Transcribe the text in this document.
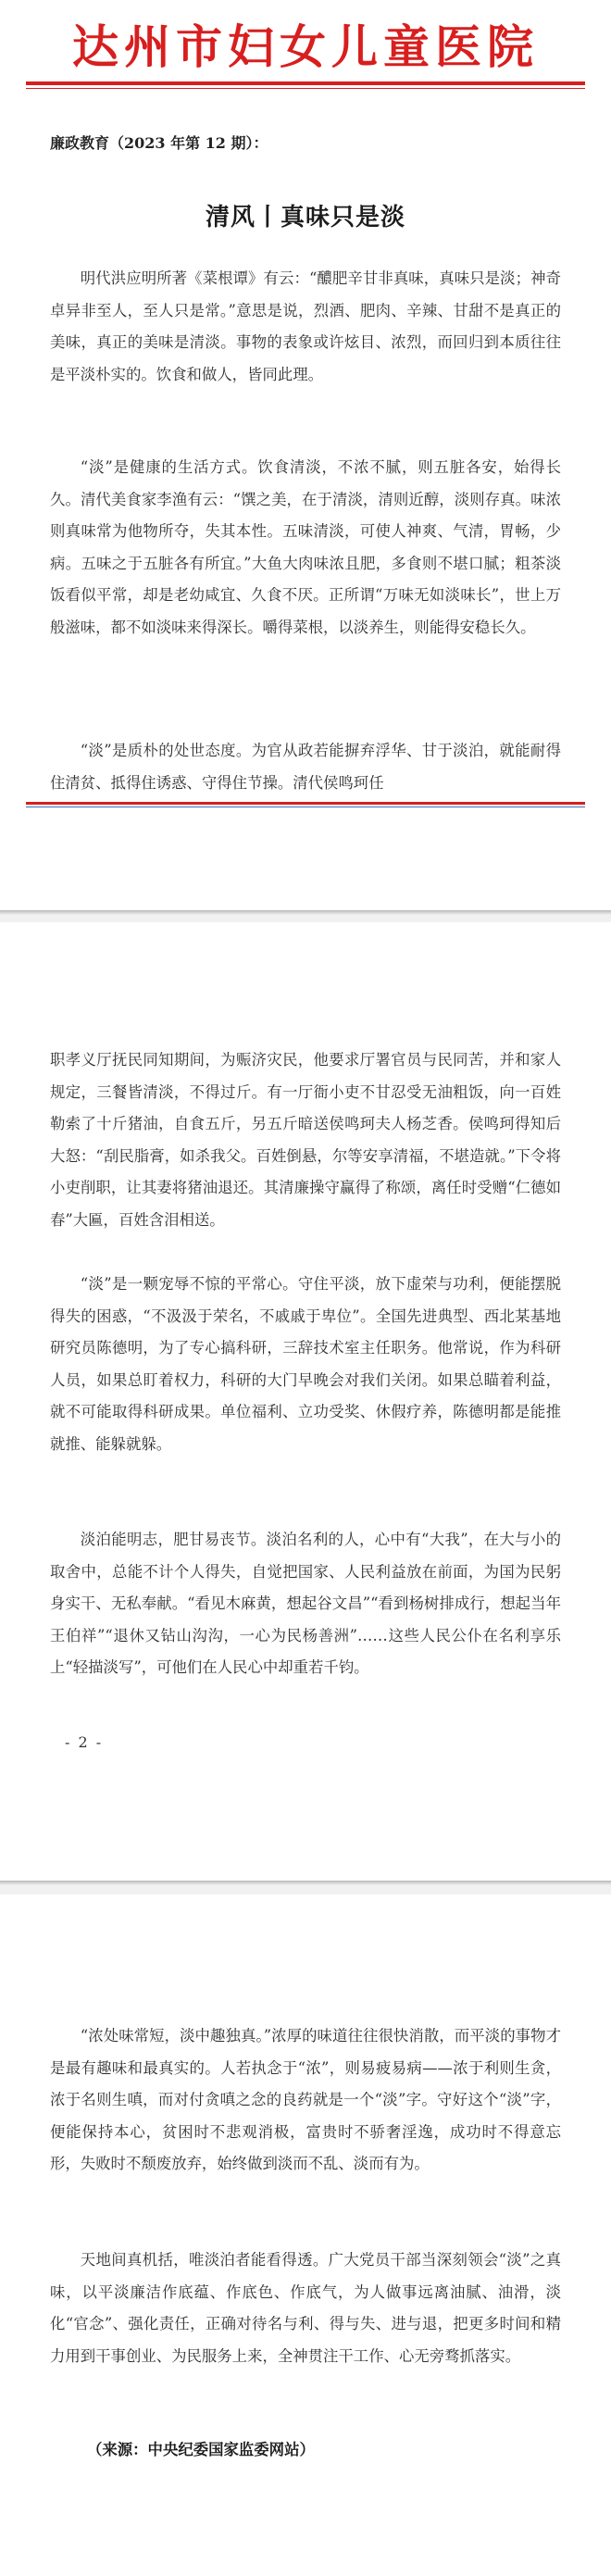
达州市妇女儿童医院
廉政教育（2023 年第 12 期）：
清风丨真味只是淡

明代洪应明所著《菜根谭》有云：“醲肥辛甘非真味，真味只是淡；神奇卓异非至人，至人只是常。”意思是说，烈酒、肥肉、辛辣、甘甜不是真正的美味，真正的美味是清淡。事物的表象或许炫目、浓烈，而回归到本质往往是平淡朴实的。饮食和做人，皆同此理。

“淡”是健康的生活方式。饮食清淡，不浓不腻，则五脏各安，始得长久。清代美食家李渔有云：“馔之美，在于清淡，清则近醇，淡则存真。味浓则真味常为他物所夺，失其本性。五味清淡，可使人神爽、气清，胃畅，少病。五味之于五脏各有所宜。”大鱼大肉味浓且肥，多食则不堪口腻；粗茶淡饭看似平常，却是老幼咸宜、久食不厌。正所谓“万味无如淡味长”，世上万般滋味，都不如淡味来得深长。嚼得菜根，以淡养生，则能得安稳长久。

“淡”是质朴的处世态度。为官从政若能摒弃浮华、甘于淡泊，就能耐得住清贫、抵得住诱惑、守得住节操。清代侯鸣珂任

职孝义厅抚民同知期间，为赈济灾民，他要求厅署官员与民同苦，并和家人规定，三餐皆清淡，不得过斤。有一厅衙小吏不甘忍受无油粗饭，向一百姓勒索了十斤猪油，自食五斤，另五斤暗送侯鸣珂夫人杨芝香。侯鸣珂得知后大怒：“刮民脂膏，如杀我父。百姓倒悬，尔等安享清福，不堪造就。”下令将小吏削职，让其妻将猪油退还。其清廉操守赢得了称颂，离任时受赠“仁德如春”大匾，百姓含泪相送。

“淡”是一颗宠辱不惊的平常心。守住平淡，放下虚荣与功利，便能摆脱得失的困惑，“不汲汲于荣名，不戚戚于卑位”。全国先进典型、西北某基地研究员陈德明，为了专心搞科研，三辞技术室主任职务。他常说，作为科研人员，如果总盯着权力，科研的大门早晚会对我们关闭。如果总瞄着利益，就不可能取得科研成果。单位福利、立功受奖、休假疗养，陈德明都是能推就推、能躲就躲。

淡泊能明志，肥甘易丧节。淡泊名利的人，心中有“大我”，在大与小的取舍中，总能不计个人得失，自觉把国家、人民利益放在前面，为国为民躬身实干、无私奉献。“看见木麻黄，想起谷文昌”“看到杨树排成行，想起当年王伯祥”“退休又钻山沟沟，一心为民杨善洲”……这些人民公仆在名利享乐上“轻描淡写”，可他们在人民心中却重若千钧。

- 2 -

“浓处味常短，淡中趣独真。”浓厚的味道往往很快消散，而平淡的事物才是最有趣味和最真实的。人若执念于“浓”，则易疲易病——浓于利则生贪，浓于名则生嗔，而对付贪嗔之念的良药就是一个“淡”字。守好这个“淡”字，便能保持本心，贫困时不悲观消极，富贵时不骄奢淫逸，成功时不得意忘形，失败时不颓废放弃，始终做到淡而不乱、淡而有为。

天地间真机括，唯淡泊者能看得透。广大党员干部当深刻领会“淡”之真味，以平淡廉洁作底蕴、作底色、作底气，为人做事远离油腻、油滑，淡化“官念”、强化责任，正确对待名与利、得与失、进与退，把更多时间和精力用到干事创业、为民服务上来，全神贯注干工作、心无旁骛抓落实。

（来源：中央纪委国家监委网站）
